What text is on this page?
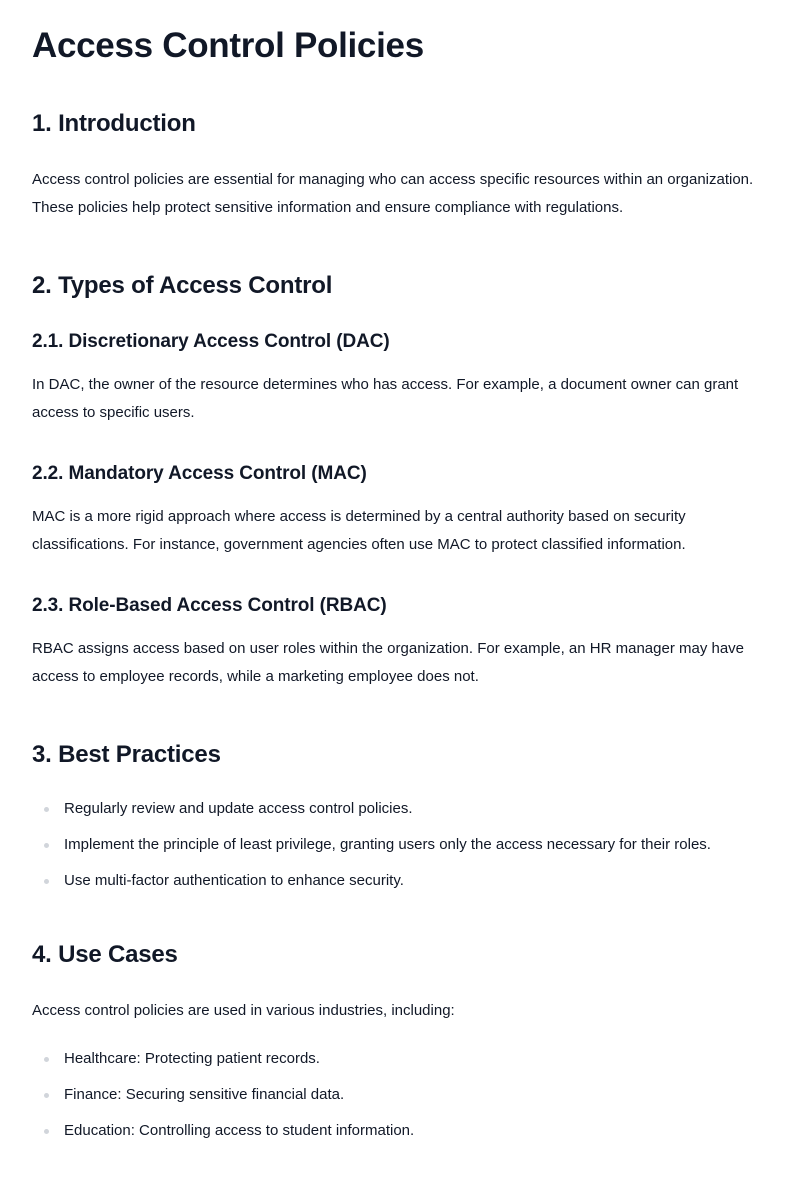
Access Control Policies
1. Introduction

Access control policies are essential for managing who can access specific resources within an organization. These policies help protect sensitive information and ensure compliance with regulations.

2. Types of Access Control
2.1. Discretionary Access Control (DAC)

In DAC, the owner of the resource determines who has access. For example, a document owner can grant access to specific users.

2.2. Mandatory Access Control (MAC)

MAC is a more rigid approach where access is determined by a central authority based on security classifications. For instance, government agencies often use MAC to protect classified information.

2.3. Role-Based Access Control (RBAC)

RBAC assigns access based on user roles within the organization. For example, an HR manager may have access to employee records, while a marketing employee does not.

3. Best Practices
Regularly review and update access control policies.
Implement the principle of least privilege, granting users only the access necessary for their roles.
Use multi-factor authentication to enhance security.
4. Use Cases

Access control policies are used in various industries, including:

Healthcare: Protecting patient records.
Finance: Securing sensitive financial data.
Education: Controlling access to student information.
